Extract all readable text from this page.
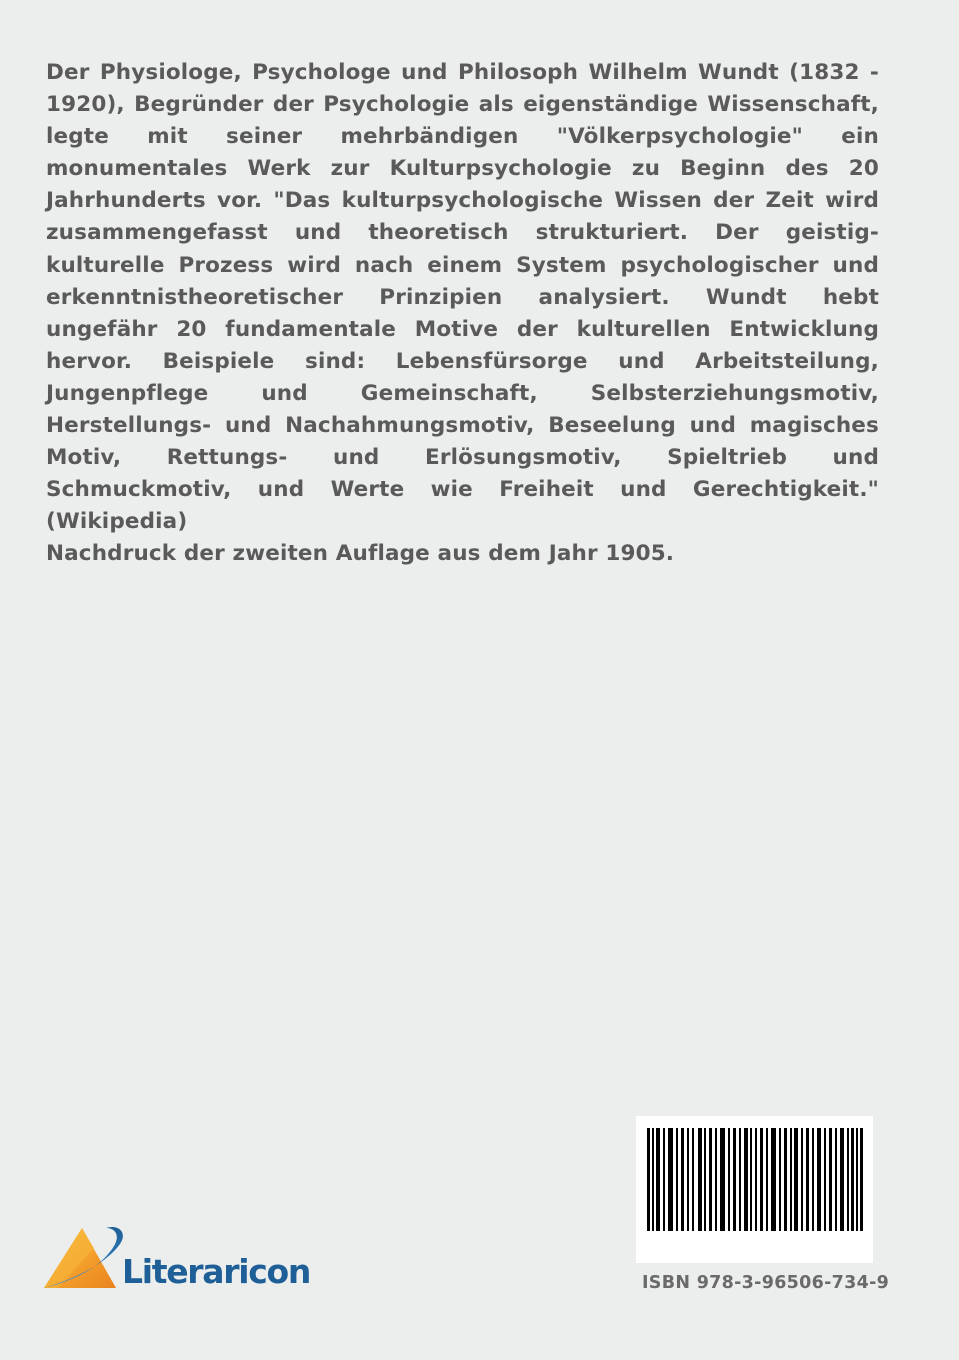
Der Physiologe, Psychologe und Philosoph Wilhelm Wundt (1832 - 1920), Begründer der Psychologie als eigenständige Wissenschaft, legte mit seiner mehrbändigen "Völkerpsychologie" ein monumentales Werk zur Kulturpsychologie zu Beginn des 20 Jahrhunderts vor. "Das kulturpsychologische Wissen der Zeit wird zusammengefasst und theoretisch strukturiert. Der geistig-kulturelle Prozess wird nach einem System psychologischer und erkenntnistheoretischer Prinzipien analysiert. Wundt hebt ungefähr 20 fundamentale Motive der kulturellen Entwicklung hervor. Beispiele sind: Lebensfürsorge und Arbeitsteilung, Jungenpflege und Gemeinschaft, Selbsterziehungsmotiv, Herstellungs- und Nachahmungsmotiv, Beseelung und magisches Motiv, Rettungs- und Erlösungsmotiv, Spieltrieb und Schmuckmotiv, und Werte wie Freiheit und Gerechtigkeit." (Wikipedia)

Nachdruck der zweiten Auflage aus dem Jahr 1905.

Literaricon	ISBN 978-3-96506-734-9
